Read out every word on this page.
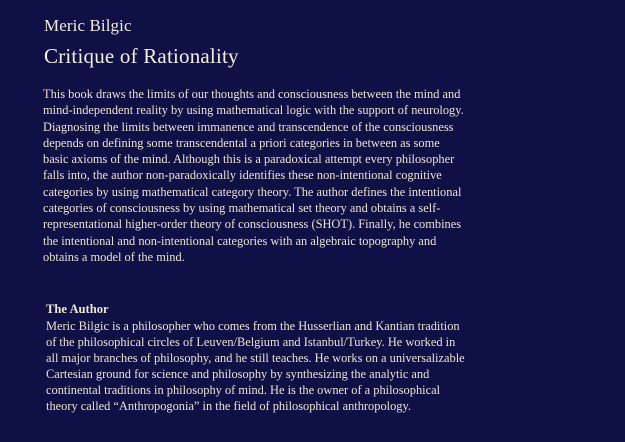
Meric Bilgic
Critique of Rationality
This book draws the limits of our thoughts and consciousness between the mind and
mind-independent reality by using mathematical logic with the support of neurology.
Diagnosing the limits between immanence and transcendence of the consciousness
depends on defining some transcendental a priori categories in between as some
basic axioms of the mind. Although this is a paradoxical attempt every philosopher
falls into, the author non-paradoxically identifies these non-intentional cognitive
categories by using mathematical category theory. The author defines the intentional
categories of consciousness by using mathematical set theory and obtains a self-
representational higher-order theory of consciousness (SHOT). Finally, he combines
the intentional and non-intentional categories with an algebraic topography and
obtains a model of the mind.
The Author
Meric Bilgic is a philosopher who comes from the Husserlian and Kantian tradition
of the philosophical circles of Leuven/Belgium and Istanbul/Turkey. He worked in
all major branches of philosophy, and he still teaches. He works on a universalizable
Cartesian ground for science and philosophy by synthesizing the analytic and
continental traditions in philosophy of mind. He is the owner of a philosophical
theory called “Anthropogonia” in the field of philosophical anthropology.
